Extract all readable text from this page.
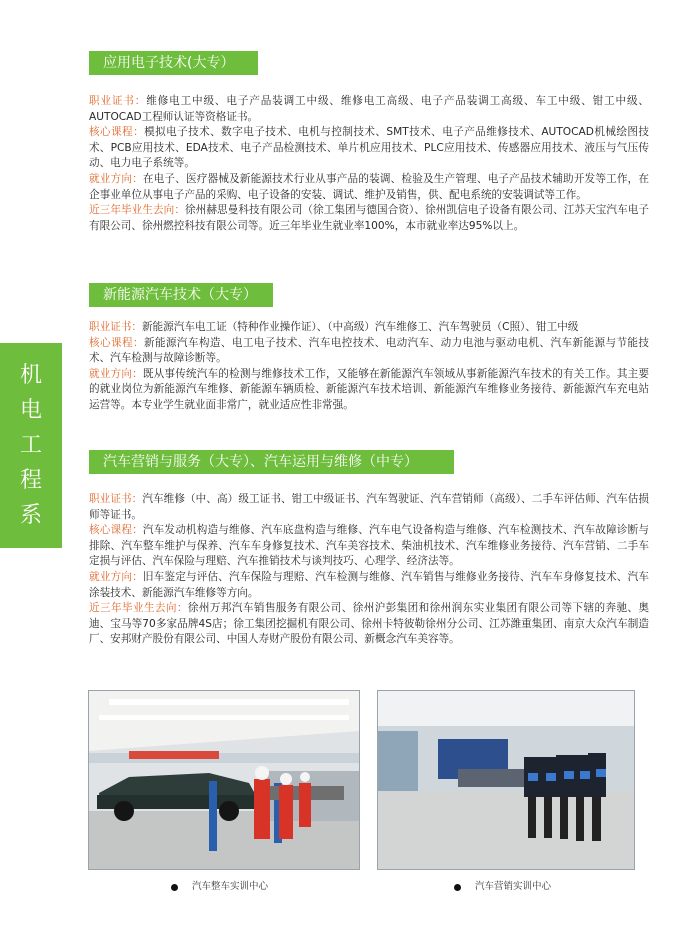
应用电子技术(大专）

职业证书：维修电工中级、电子产品装调工中级、维修电工高级、电子产品装调工高级、车工中级、钳工中级、AUTOCAD工程师认证等资格证书。

核心课程：模拟电子技术、数字电子技术、电机与控制技术、SMT技术、电子产品维修技术、AUTOCAD机械绘图技术、PCB应用技术、EDA技术、电子产品检测技术、单片机应用技术、PLC应用技术、传感器应用技术、液压与气压传动、电力电子系统等。

就业方向：在电子、医疗器械及新能源技术行业从事产品的装调、检验及生产管理、电子产品技术辅助开发等工作，在企事业单位从事电子产品的采购、电子设备的安装、调试、维护及销售，供、配电系统的安装调试等工作。

近三年毕业生去向：徐州赫思曼科技有限公司（徐工集团与德国合资）、徐州凯信电子设备有限公司、江苏天宝汽车电子有限公司、徐州燃控科技有限公司等。近三年毕业生就业率100%，本市就业率达95%以上。

新能源汽车技术（大专）

职业证书：新能源汽车电工证（特种作业操作证）、（中高级）汽车维修工、汽车驾驶员（C照）、钳工中级

核心课程：新能源汽车构造、电工电子技术、汽车电控技术、电动汽车、动力电池与驱动电机、汽车新能源与节能技术、汽车检测与故障诊断等。

就业方向：既从事传统汽车的检测与维修技术工作，又能够在新能源汽车领域从事新能源汽车技术的有关工作。其主要的就业岗位为新能源汽车维修、新能源车辆质检、新能源汽车技术培训、新能源汽车维修业务接待、新能源汽车充电站运营等。本专业学生就业面非常广，就业适应性非常强。

汽车营销与服务（大专）、汽车运用与维修（中专）

职业证书：汽车维修（中、高）级工证书、钳工中级证书、汽车驾驶证、汽车营销师（高级）、二手车评估师、汽车估损师等证书。

核心课程：汽车发动机构造与维修、汽车底盘构造与维修、汽车电气设备构造与维修、汽车检测技术、汽车故障诊断与排除、汽车整车维护与保养、汽车车身修复技术、汽车美容技术、柴油机技术、汽车维修业务接待、汽车营销、二手车定损与评估、汽车保险与理赔、汽车推销技术与谈判技巧、心理学、经济法等。

就业方向：旧车鉴定与评估、汽车保险与理赔、汽车检测与维修、汽车销售与维修业务接待、汽车车身修复技术、汽车涂装技术、新能源汽车维修等方向。

近三年毕业生去向：徐州万邦汽车销售服务有限公司、徐州沪彭集团和徐州润东实业集团有限公司等下辖的奔驰、奥迪、宝马等70多家品牌4S店；徐工集团挖掘机有限公司、徐州卡特彼勒徐州分公司、江苏潍重集团、南京大众汽车制造厂、安邦财产股份有限公司、中国人寿财产股份有限公司、新概念汽车美容等。

机
电
工
程
系
汽车整车实训中心	汽车营销实训中心
